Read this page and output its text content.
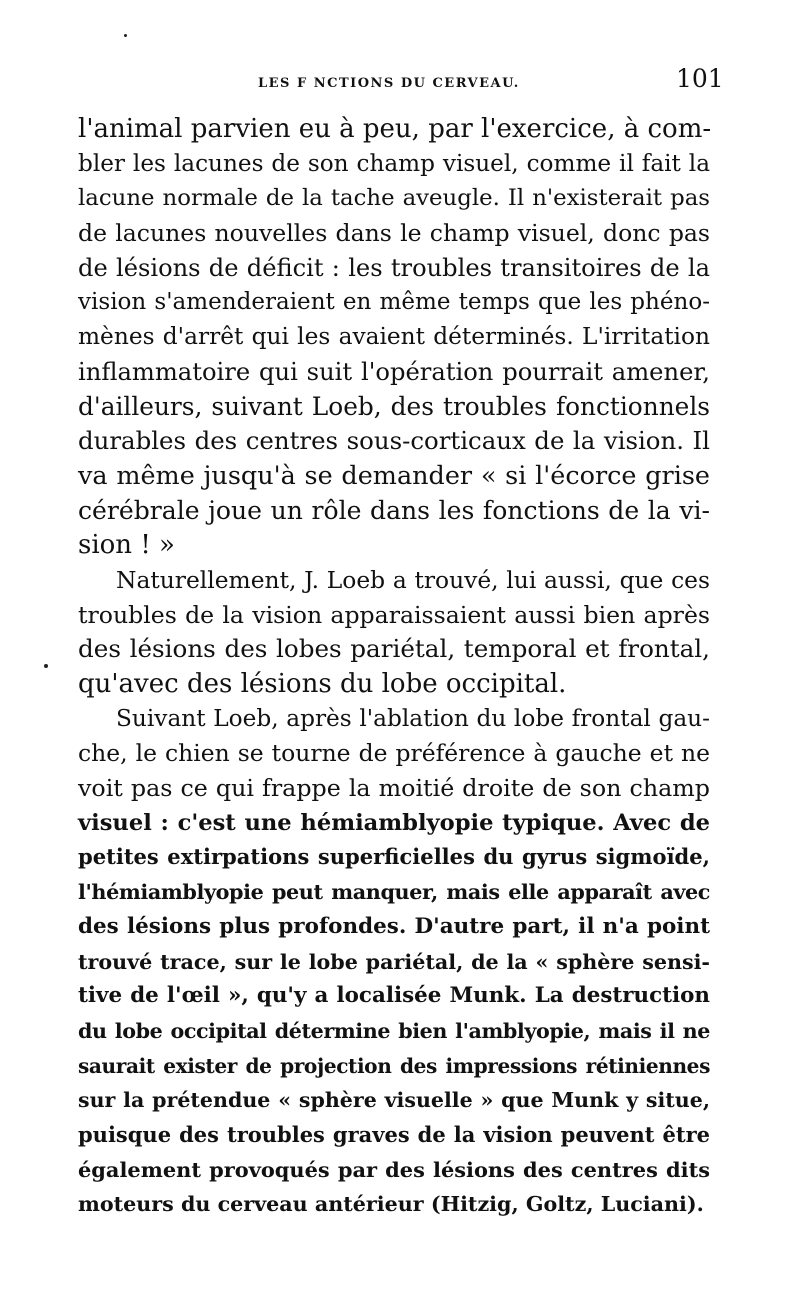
LES F NCTIONS DU CERVEAU.	101
l'animal parvien eu à peu, par l'exercice, à com-
bler les lacunes de son champ visuel, comme il fait la
lacune normale de la tache aveugle. Il n'existerait pas
de lacunes nouvelles dans le champ visuel, donc pas
de lésions de déficit : les troubles transitoires de la
vision s'amenderaient en même temps que les phéno-
mènes d'arrêt qui les avaient déterminés. L'irritation
inflammatoire qui suit l'opération pourrait amener,
d'ailleurs, suivant Loeb, des troubles fonctionnels
durables des centres sous-corticaux de la vision. Il
va même jusqu'à se demander « si l'écorce grise
cérébrale joue un rôle dans les fonctions de la vi-
sion ! »
Naturellement, J. Loeb a trouvé, lui aussi, que ces
troubles de la vision apparaissaient aussi bien après
des lésions des lobes pariétal, temporal et frontal,
qu'avec des lésions du lobe occipital.
Suivant Loeb, après l'ablation du lobe frontal gau-
che, le chien se tourne de préférence à gauche et ne
voit pas ce qui frappe la moitié droite de son champ
visuel : c'est une hémiamblyopie typique. Avec de
petites extirpations superficielles du gyrus sigmoïde,
l'hémiamblyopie peut manquer, mais elle apparaît avec
des lésions plus profondes. D'autre part, il n'a point
trouvé trace, sur le lobe pariétal, de la « sphère sensi-
tive de l'œil », qu'y a localisée Munk. La destruction
du lobe occipital détermine bien l'amblyopie, mais il ne
saurait exister de projection des impressions rétiniennes
sur la prétendue « sphère visuelle » que Munk y situe,
puisque des troubles graves de la vision peuvent être
également provoqués par des lésions des centres dits
moteurs du cerveau antérieur (Hitzig, Goltz, Luciani).
